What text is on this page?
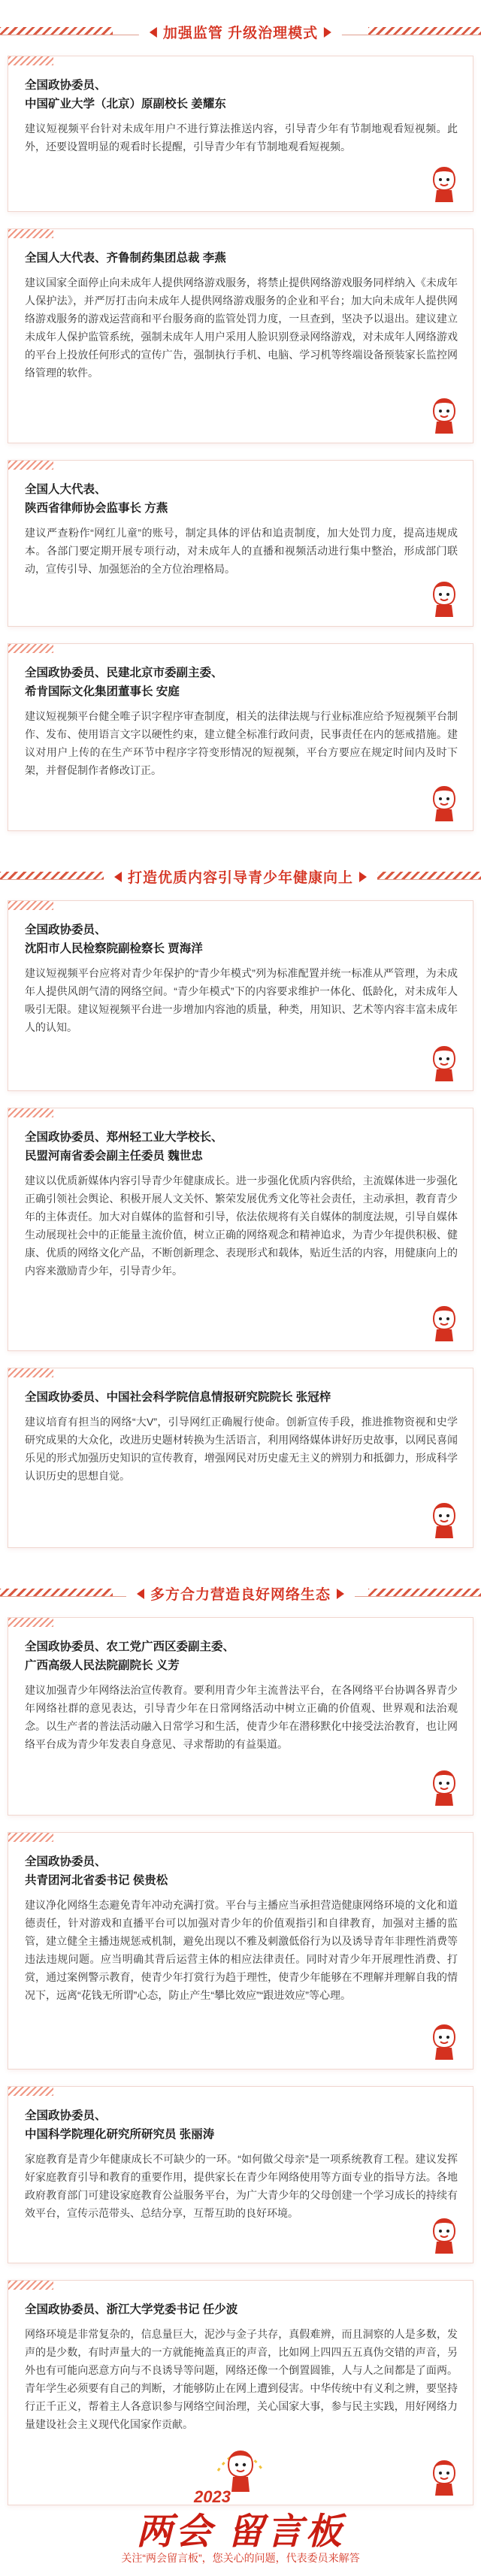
加强监管 升级治理模式
全国政协委员、
中国矿业大学（北京）原副校长 姜耀东
建议短视频平台针对未成年用户不进行算法推送内容，引导青少年有节制地观看短视频。此外，还要设置明显的观看时长提醒，引导青少年有节制地观看短视频。
全国人大代表、齐鲁制药集团总裁 李燕
建议国家全面停止向未成年人提供网络游戏服务，将禁止提供网络游戏服务同样纳入《未成年人保护法》，并严厉打击向未成年人提供网络游戏服务的企业和平台；加大向未成年人提供网络游戏服务的游戏运营商和平台服务商的监管处罚力度，一旦查到，坚决予以退出。建议建立未成年人保护监管系统，强制未成年人用户采用人脸识别登录网络游戏，对未成年人网络游戏的平台上投放任何形式的宣传广告，强制执行手机、电脑、学习机等终端设备预装家长监控网络管理的软件。
全国人大代表、
陕西省律师协会监事长 方燕
建议严查粉作“网红儿童”的账号，制定具体的评估和追责制度，加大处罚力度，提高违规成本。各部门要定期开展专项行动，对未成年人的直播和视频活动进行集中整治，形成部门联动，宣传引导、加强惩治的全方位治理格局。
全国政协委员、民建北京市委副主委、
希肯国际文化集团董事长 安庭
建议短视频平台健全唯子识字程序审查制度，相关的法律法规与行业标准应给予短视频平台制作、发布、使用语言文字以硬性约束，建立健全标准行政问责，民事责任在内的惩戒措施。建议对用户上传的在生产环节中程序字符变形情况的短视频，平台方要应在规定时间内及时下架，并督促制作者修改订正。
打造优质内容引导青少年健康向上
全国政协委员、
沈阳市人民检察院副检察长 贾海洋
建议短视频平台应将对青少年保护的“青少年模式”列为标准配置并统一标准从严管理，为未成年人提供风朗气清的网络空间。“青少年模式”下的内容要求维护一体化、低龄化，对未成年人吸引无限。建议短视频平台进一步增加内容池的质量，种类，用知识、艺术等内容丰富未成年人的认知。
全国政协委员、郑州轻工业大学校长、
民盟河南省委会副主任委员 魏世忠
建议以优质新媒体内容引导青少年健康成长。进一步强化优质内容供给，主流媒体进一步强化正确引领社会舆论、积极开展人文关怀、繁荣发展优秀文化等社会责任，主动承担，教育青少年的主体责任。加大对自媒体的监督和引导，依法依规将有关自媒体的制度法规，引导自媒体生动展现社会中的正能量主流价值，树立正确的网络观念和精神追求，为青少年提供积极、健康、优质的网络文化产品，不断创新理念、表现形式和载体，贴近生活的内容，用健康向上的内容来激励青少年，引导青少年。
全国政协委员、中国社会科学院信息情报研究院院长 张冠梓
建议培育有担当的网络“大V”，引导网红正确履行使命。创新宣传手段，推进推物资视和史学研究成果的大众化，改进历史题材转换为生活语言，利用网络媒体讲好历史故事，以网民喜闻乐见的形式加强历史知识的宣传教育，增强网民对历史虚无主义的辨别力和抵御力，形成科学认识历史的思想自觉。
多方合力营造良好网络生态
全国政协委员、农工党广西区委副主委、
广西高级人民法院副院长 义芳
建议加强青少年网络法治宣传教育。要利用青少年主流普法平台，在各网络平台协调各界青少年网络社群的意见表达，引导青少年在日常网络活动中树立正确的价值观、世界观和法治观念。以生产者的普法活动融入日常学习和生活，使青少年在潜移默化中接受法治教育，也让网络平台成为青少年发表自身意见、寻求帮助的有益渠道。
全国政协委员、
共青团河北省委书记 侯贵松
建议净化网络生态避免青年冲动充满打赏。平台与主播应当承担营造健康网络环境的文化和道德责任，针对游戏和直播平台可以加强对青少年的价值观指引和自律教育，加强对主播的监管，建立健全主播违规惩戒机制，避免出现以不雅及刺激低俗行为以及诱导青年非理性消费等违法违规问题。应当明确其背后运营主体的相应法律责任。同时对青少年开展理性消费、打赏，通过案例警示教育，使青少年打赏行为趋于理性，使青少年能够在不理解并理解自我的情况下，远离“花钱无所谓”心态，防止产生“攀比效应”“跟进效应”等心理。
全国政协委员、
中国科学院理化研究所研究员 张丽涛
家庭教育是青少年健康成长不可缺少的一环。“如何做父母亲”是一项系统教育工程。建议发挥好家庭教育引导和教育的重要作用，提供家长在青少年网络使用等方面专业的指导方法。各地政府教育部门可建设家庭教育公益服务平台，为广大青少年的父母创建一个学习成长的持续有效平台，宣传示范带头、总结分享，互帮互助的良好环境。
全国政协委员、浙江大学党委书记 任少波
网络环境是非常复杂的，信息量巨大，泥沙与金子共存，真假难辨，而且洞察的人是多数，发声的是少数，有时声量大的一方就能掩盖真正的声音，比如网上四四五五真伪交错的声音，另外也有可能向恶意方向与不良诱导等问题，网络还像一个倒置圆锥，人与人之间都是了面两。青年学生必须要有自己的判断，才能够防止在网上遭到侵害。中华传统中有义利之辨，要坚持行正千正义，帮着主人各意识参与网络空间治理，关心国家大事，参与民主实践，用好网络力量建设社会主义现代化国家作贡献。
2023
两会 留言板
关注“两会留言板”，您关心的问题，代表委员来解答
